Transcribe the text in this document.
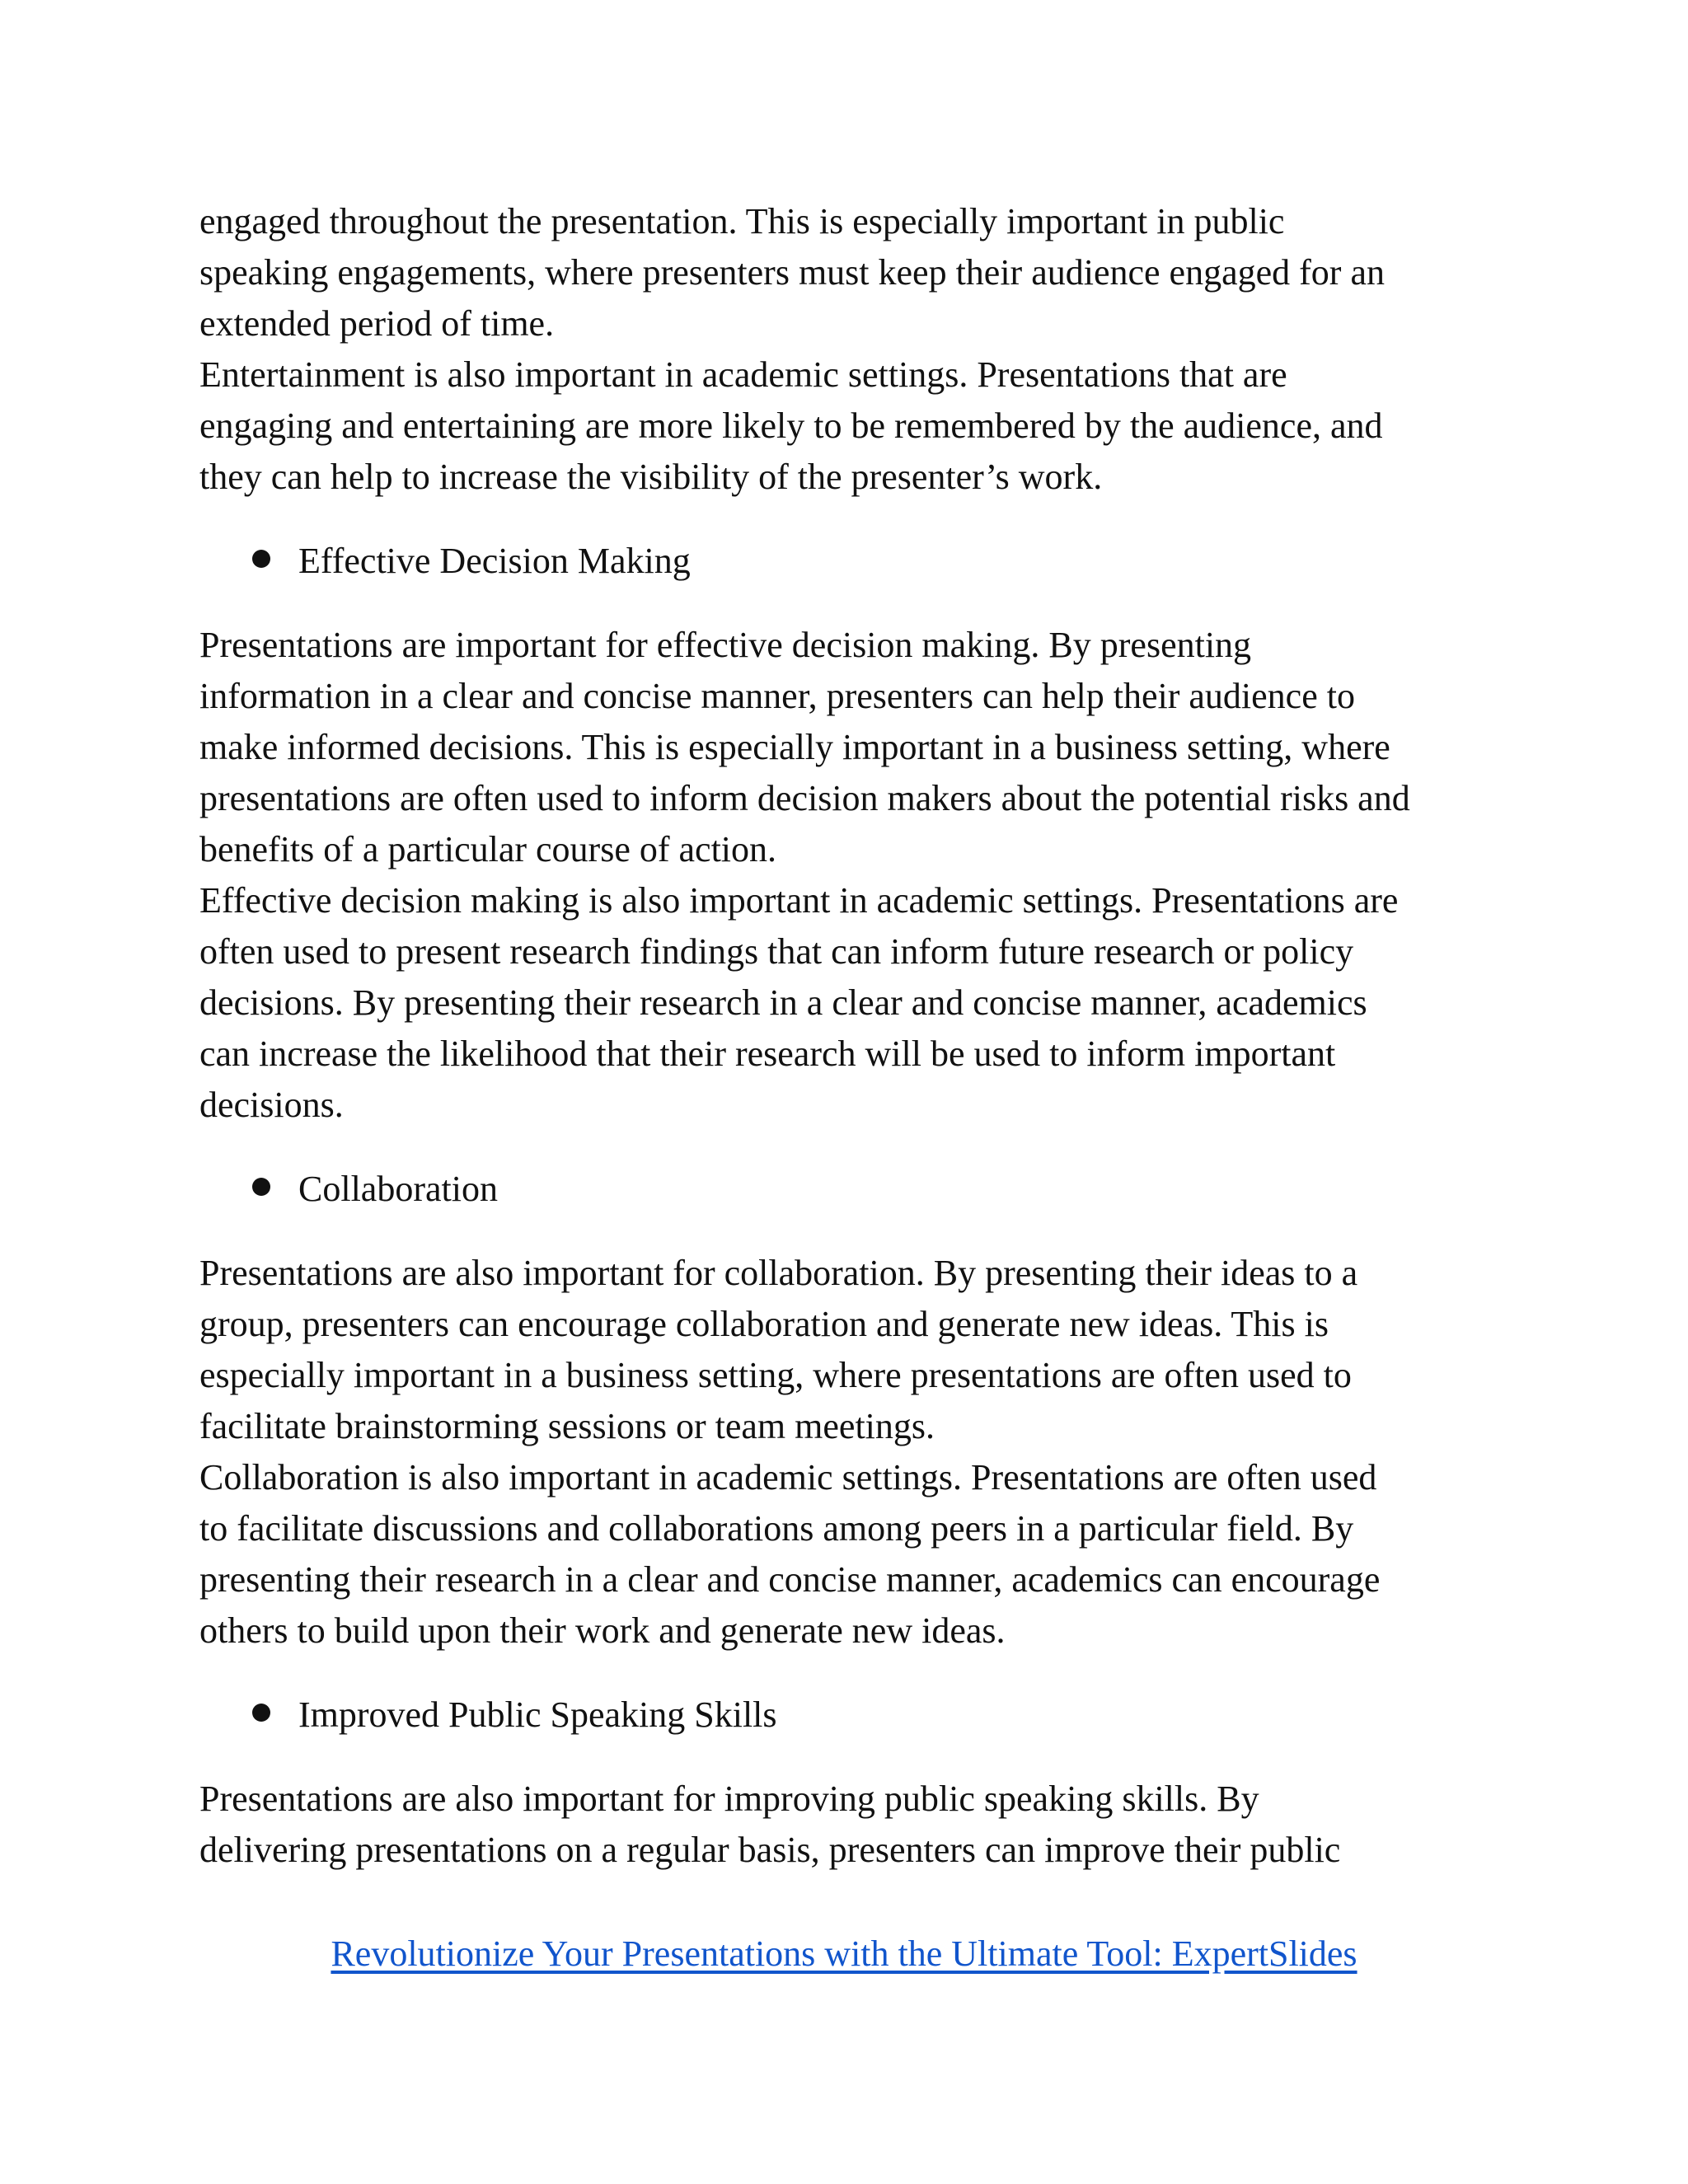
engaged throughout the presentation. This is especially important in public
speaking engagements, where presenters must keep their audience engaged for an
extended period of time.

Entertainment is also important in academic settings. Presentations that are
engaging and entertaining are more likely to be remembered by the audience, and
they can help to increase the visibility of the presenter’s work.

Effective Decision Making

Presentations are important for effective decision making. By presenting
information in a clear and concise manner, presenters can help their audience to
make informed decisions. This is especially important in a business setting, where
presentations are often used to inform decision makers about the potential risks and
benefits of a particular course of action.

Effective decision making is also important in academic settings. Presentations are
often used to present research findings that can inform future research or policy
decisions. By presenting their research in a clear and concise manner, academics
can increase the likelihood that their research will be used to inform important
decisions.

Collaboration

Presentations are also important for collaboration. By presenting their ideas to a
group, presenters can encourage collaboration and generate new ideas. This is
especially important in a business setting, where presentations are often used to
facilitate brainstorming sessions or team meetings.

Collaboration is also important in academic settings. Presentations are often used
to facilitate discussions and collaborations among peers in a particular field. By
presenting their research in a clear and concise manner, academics can encourage
others to build upon their work and generate new ideas.

Improved Public Speaking Skills

Presentations are also important for improving public speaking skills. By
delivering presentations on a regular basis, presenters can improve their public

Revolutionize Your Presentations with the Ultimate Tool: ExpertSlides
